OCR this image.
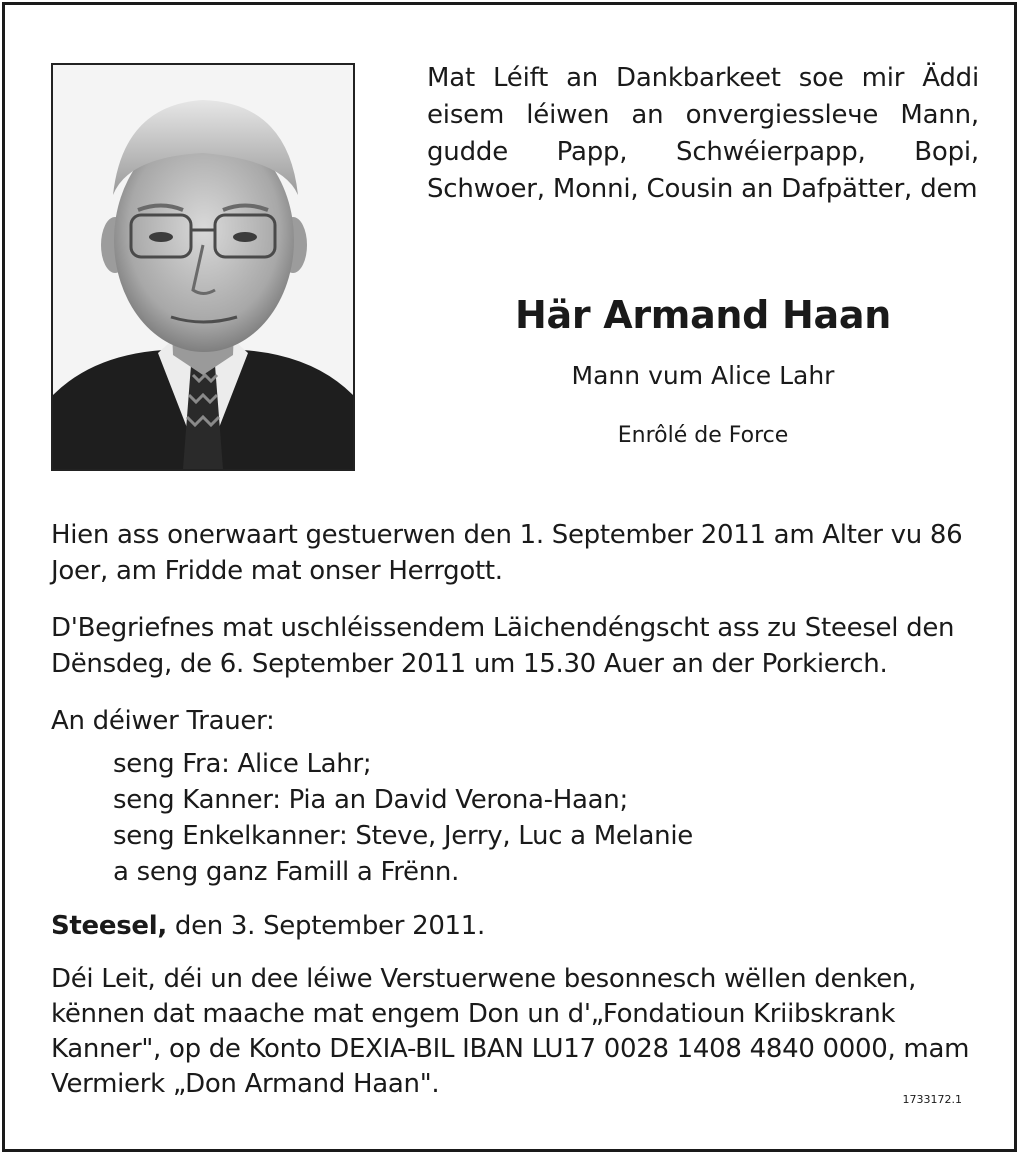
Mat Léift an Dankbarkeet soe mir Äddi eisem léiwen an onvergiesslече Mann, gudde Papp, Schwéierpapp, Bopi, Schwoer, Monni, Cousin an Dafpätter, dem
Här Armand Haan
Mann vum Alice Lahr
Enrôlé de Force

Hien ass onerwaart gestuerwen den 1. September 2011 am Alter vu 86 Joer, am Fridde mat onser Herrgott.

D'Begriefnes mat uschléissendem Läichendéngscht ass zu Steesel den Dënsdeg, de 6. September 2011 um 15.30 Auer an der Porkierch.

An déiwer Trauer:

seng Fra: Alice Lahr;
seng Kanner: Pia an David Verona-Haan;
seng Enkelkanner: Steve, Jerry, Luc a Melanie
a seng ganz Famill a Frënn.
Steesel, den 3. September 2011.

Déi Leit, déi un dee léiwe Verstuerwene besonnesch wëllen denken, kënnen dat maache mat engem Don un d'„Fondatioun Kriibskrank Kanner", op de Konto DEXIA-BIL IBAN LU17 0028 1408 4840 0000, mam Vermierk „Don Armand Haan".

1733172.1
